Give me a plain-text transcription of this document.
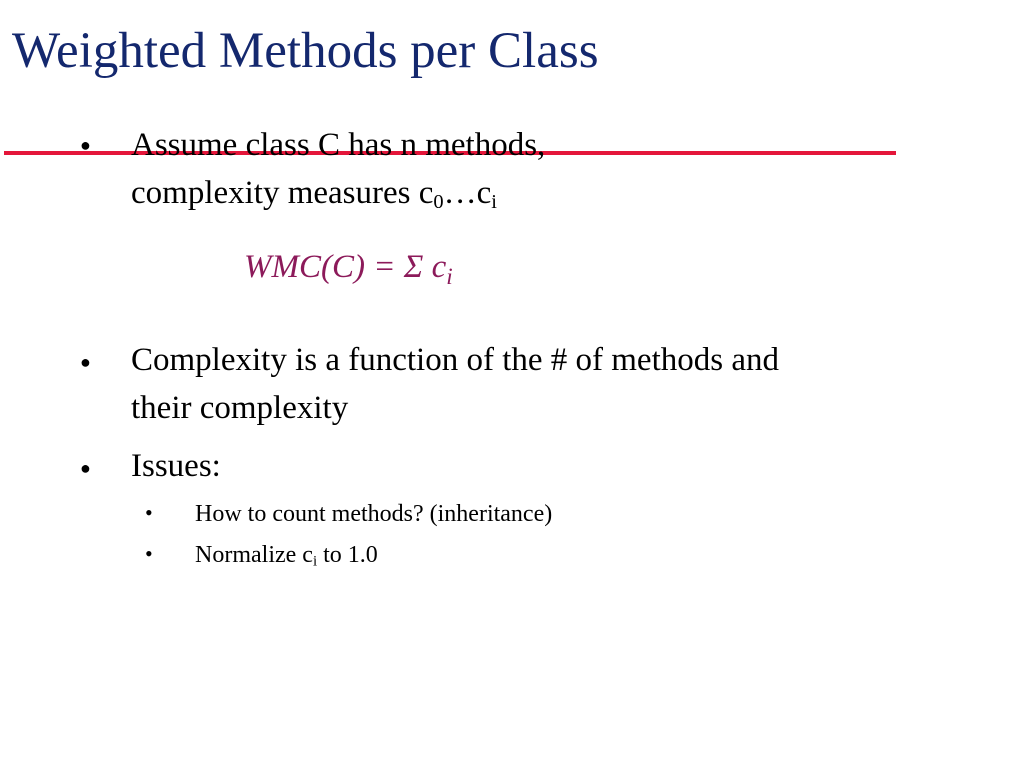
Weighted Methods per Class
● Assume class C has n methods,
complexity measures $c_0\dots c_i$
WMC(C) = Σ $c_i$
● Complexity is a function of the # of methods and
their complexity
● Issues:
• How to count methods? (inheritance)
• Normalize $c_i$ to 1.0
